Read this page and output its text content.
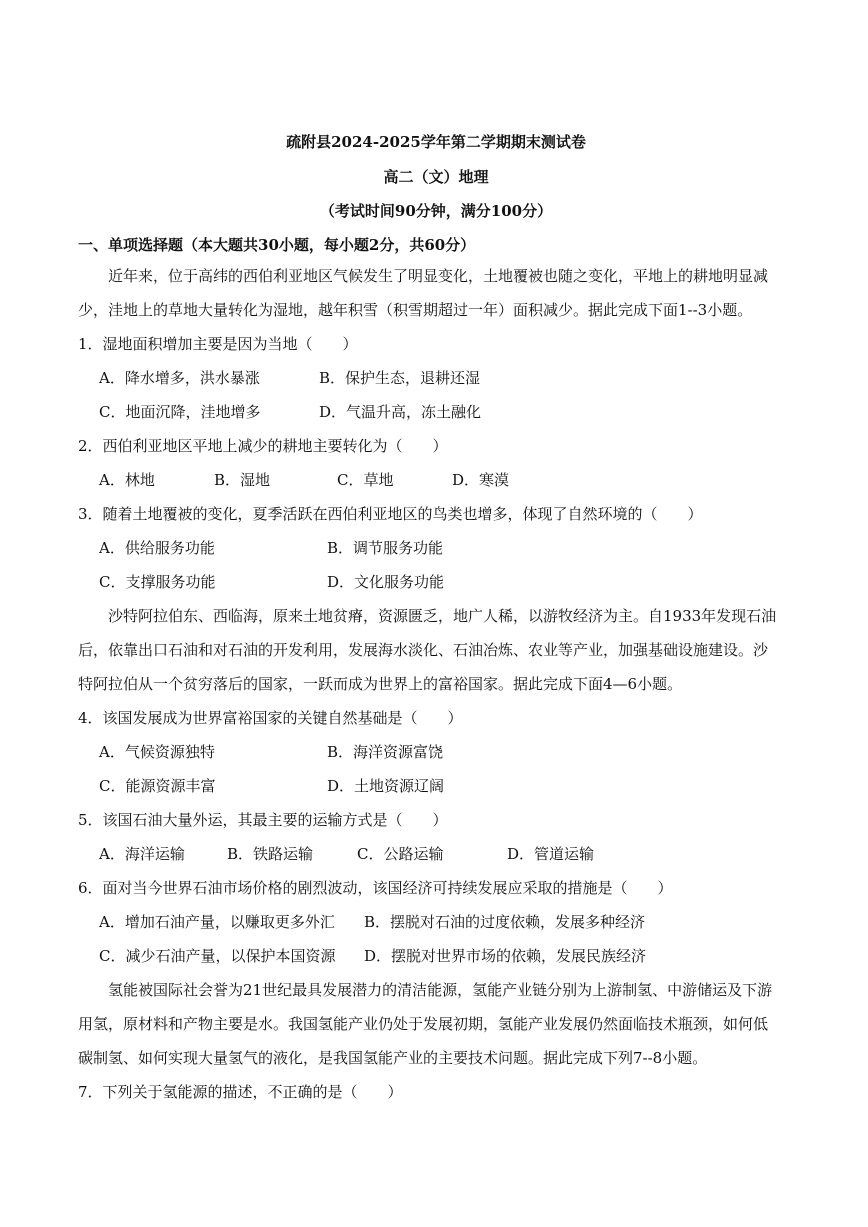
疏附县2024-2025学年第二学期期末测试卷

高二（文）地理

（考试时间90分钟，满分100分）

一、单项选择题（本大题共30小题，每小题2分，共60分）

近年来，位于高纬的西伯利亚地区气候发生了明显变化，土地覆被也随之变化，平地上的耕地明显减

少，洼地上的草地大量转化为湿地，越年积雪（积雪期超过一年）面积减少。据此完成下面1--3小题。

1．湿地面积增加主要是因为当地（　　）

A．降水增多，洪水暴涨	B．保护生态，退耕还湿
C．地面沉降，洼地增多	D．气温升高，冻土融化

2．西伯利亚地区平地上减少的耕地主要转化为（　　）

A．林地	B．湿地	C．草地	D．寒漠

3．随着土地覆被的变化，夏季活跃在西伯利亚地区的鸟类也增多，体现了自然环境的（　　）

A．供给服务功能	B．调节服务功能
C．支撑服务功能	D．文化服务功能

沙特阿拉伯东、西临海，原来土地贫瘠，资源匮乏，地广人稀，以游牧经济为主。自1933年发现石油

后，依靠出口石油和对石油的开发利用，发展海水淡化、石油冶炼、农业等产业，加强基础设施建设。沙

特阿拉伯从一个贫穷落后的国家，一跃而成为世界上的富裕国家。据此完成下面4—6小题。

4．该国发展成为世界富裕国家的关键自然基础是（　　）

A．气候资源独特	B．海洋资源富饶
C．能源资源丰富	D．土地资源辽阔

5．该国石油大量外运，其最主要的运输方式是（　　）

A．海洋运输	B．铁路运输	C．公路运输	D．管道运输

6．面对当今世界石油市场价格的剧烈波动，该国经济可持续发展应采取的措施是（　　）

A．增加石油产量，以赚取更多外汇	B．摆脱对石油的过度依赖，发展多种经济
C．减少石油产量，以保护本国资源	D．摆脱对世界市场的依赖，发展民族经济

氢能被国际社会誉为21世纪最具发展潜力的清洁能源，氢能产业链分别为上游制氢、中游储运及下游

用氢，原材料和产物主要是水。我国氢能产业仍处于发展初期，氢能产业发展仍然面临技术瓶颈，如何低

碳制氢、如何实现大量氢气的液化，是我国氢能产业的主要技术问题。据此完成下列7--8小题。

7．下列关于氢能源的描述，不正确的是（　　）
